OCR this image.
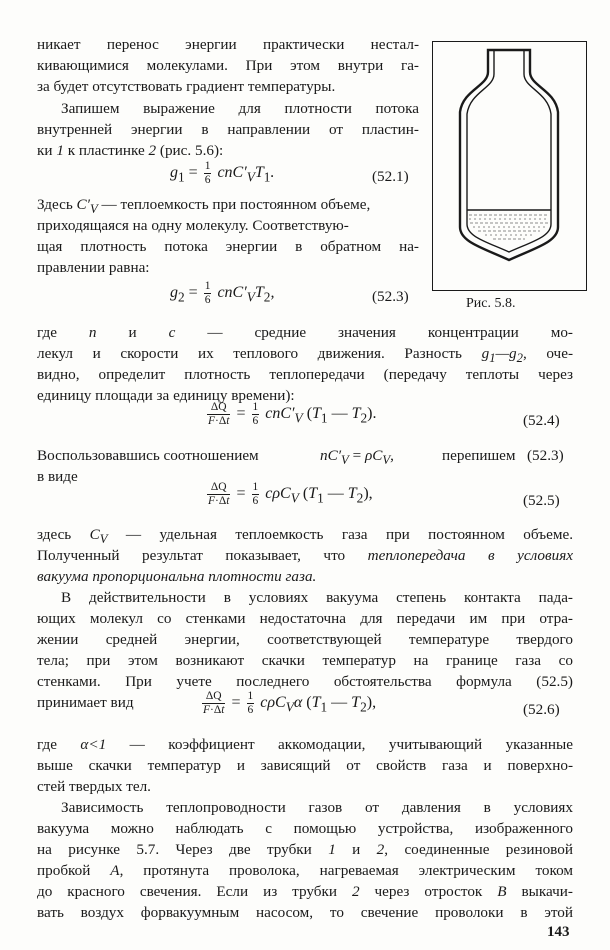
Рис. 5.8.
никает перенос энергии практически нестал-
кивающимися молекулами. При этом внутри га-
за будет отсутствовать градиент температуры.
Запишем выражение для плотности потока
внутренней энергии в направлении от пластин-
ки 1 к пластинке 2 (рис. 5.6):
$g_1 = \frac{1}{6} cnC'_VT_1$.	(52.1)
Здесь $C'_V$ — теплоемкость при постоянном объеме,
приходящаяся на одну молекулу. Соответствую-
щая плотность потока энергии в обратном на-
правлении равна:
$g_2 = \frac{1}{6} cnC'_VT_2$,	(52.3)
где n и c — средние значения концентрации мо-
лекул и скорости их теплового движения. Разность $g_1—g_2$, оче-
видно, определит плотность теплопередачи (передачу теплоты через
единицу площади за единицу времени):
$\frac{\Delta Q}{F\cdot\Delta t} = \frac{1}{6} cnC'_V$ ($T_1$ — $T_2$).	(52.4)
Воспользовавшись соотношением	$nC'_V = \rho C_V$,	перепишем (52.3)
в виде
$\frac{\Delta Q}{F\cdot\Delta t} = \frac{1}{6} c\rho C_V$ ($T_1$ — $T_2$),	(52.5)
здесь $C_V$ — удельная теплоемкость газа при постоянном объеме.
Полученный результат показывает, что теплопередача в условиях
вакуума пропорциональна плотности газа.
В действительности в условиях вакуума степень контакта пада-
ющих молекул со стенками недостаточна для передачи им при отра-
жении средней энергии, соответствующей температуре твердого
тела; при этом возникают скачки температур на границе газа со
стенками. При учете последнего обстоятельства формула (52.5)
принимает вид	$\frac{\Delta Q}{F\cdot\Delta t} = \frac{1}{6} c\rho C_V\alpha$ ($T_1$ — $T_2$),	(52.6)
где α<1 — коэффициент аккомодации, учитывающий указанные
выше скачки температур и зависящий от свойств газа и поверхно-
стей твердых тел.
Зависимость теплопроводности газов от давления в условиях
вакуума можно наблюдать с помощью устройства, изображенного
на рисунке 5.7. Через две трубки 1 и 2, соединенные резиновой
пробкой A, протянута проволока, нагреваемая электрическим током
до красного свечения. Если из трубки 2 через отросток B выкачи-
вать воздух форвакуумным насосом, то свечение проволоки в этой
143
